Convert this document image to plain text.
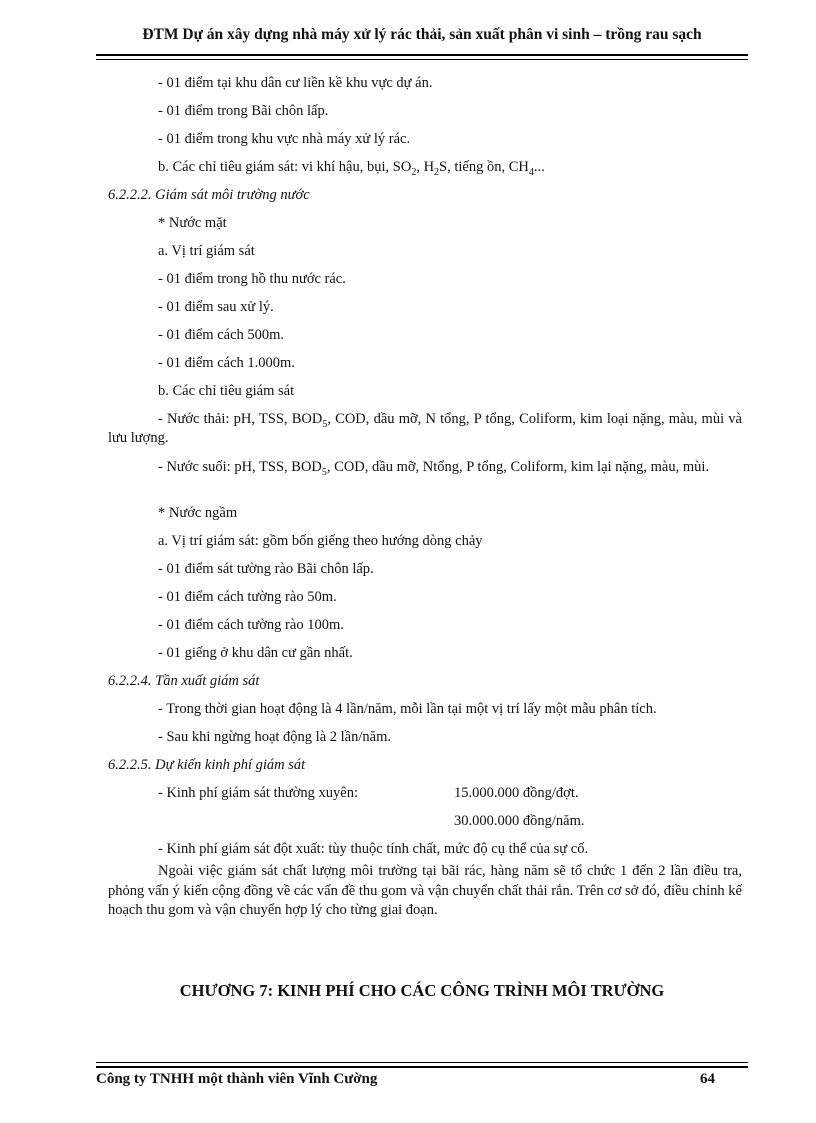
ĐTM Dự án xây dựng nhà máy xử lý rác thải, sản xuất phân vi sinh – trồng rau sạch
- 01 điểm tại khu dân cư liền kề khu vực dự án.
- 01 điểm trong Bãi chôn lấp.
- 01 điểm trong khu vực nhà máy xử lý rác.
b. Các chỉ tiêu giám sát: vi khí hậu, bụi, $SO_2$, $H_2S$, tiếng ồn, $CH_4$...
6.2.2.2. Giám sát môi trường nước
* Nước mặt
a. Vị trí giám sát
- 01 điểm trong hồ thu nước rác.
- 01 điểm sau xử lý.
- 01 điểm cách 500m.
- 01 điểm cách 1.000m.
b. Các chỉ tiêu giám sát
- Nước thải: pH, TSS, $BOD_5$, COD, dầu mỡ, N tổng, P tổng, Coliform, kim loại nặng, màu, mùi và lưu lượng.
- Nước suối: pH, TSS, $BOD_5$, COD, dầu mỡ, Ntổng, P tổng, Coliform, kim lại nặng, màu, mùi.
* Nước ngầm
a. Vị trí giám sát: gồm bốn giếng theo hướng dòng chảy
- 01 điểm sát tường rào Bãi chôn lấp.
- 01 điểm cách tường rào 50m.
- 01 điểm cách tường rào 100m.
- 01 giếng ở khu dân cư gần nhất.
6.2.2.4. Tần xuất giám sát
- Trong thời gian hoạt động là 4 lần/năm, mỗi lần tại một vị trí lấy một mẫu phân tích.
- Sau khi ngừng hoạt động là 2 lần/năm.
6.2.2.5. Dự kiến kinh phí giám sát
- Kinh phí giám sát thường xuyên:	15.000.000 đồng/đợt.
30.000.000 đồng/năm.
- Kinh phí giám sát đột xuất: tùy thuộc tính chất, mức độ cụ thể của sự cố.
Ngoài việc giám sát chất lượng môi trường tại bãi rác, hàng năm sẽ tổ chức 1 đến 2 lần điều tra, phỏng vấn ý kiến cộng đồng về các vấn đề thu gom và vận chuyển chất thải rắn. Trên cơ sở đó, điều chỉnh kế hoạch thu gom và vận chuyển hợp lý cho từng giai đoạn.
CHƯƠNG 7: KINH PHÍ CHO CÁC CÔNG TRÌNH MÔI TRƯỜNG
Công ty TNHH một thành viên Vĩnh Cường	64
